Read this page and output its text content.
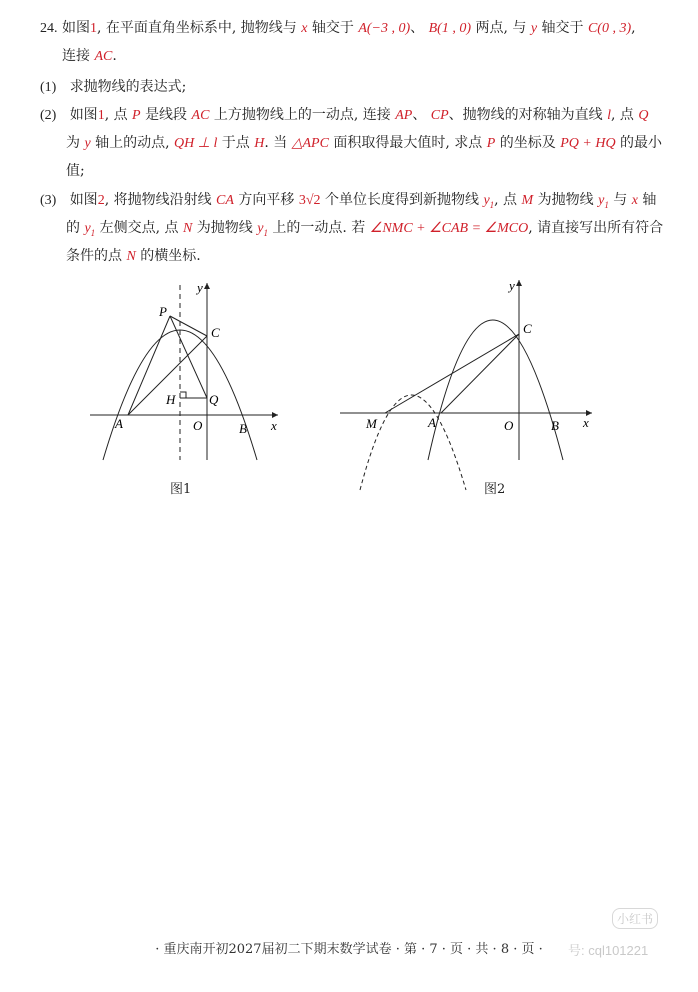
24. 如图1, 在平面直角坐标系中, 抛物线与 x 轴交于 A(−3 , 0)、 B(1 , 0) 两点, 与 y 轴交于 C(0 , 3),
连接 AC.
(1) 求抛物线的表达式;
(2) 如图1, 点 P 是线段 AC 上方抛物线上的一动点, 连接 AP、 CP、抛物线的对称轴为直线 l, 点 Q
为 y 轴上的动点, QH ⊥ l 于点 H. 当 △APC 面积取得最大值时, 求点 P 的坐标及 PQ + HQ 的最小
值;
(3) 如图2, 将抛物线沿射线 CA 方向平移 3√2 个单位长度得到新抛物线 $y_1$, 点 M 为抛物线 $y_1$ 与 x 轴
的 $y_1$ 左侧交点, 点 N 为抛物线 $y_1$ 上的一动点. 若 ∠NMC + ∠CAB = ∠MCO, 请直接写出所有符合
条件的点 N 的横坐标.
y
x
O
A	B
C
P
H	Q
y
x
O
A	B
C
M
图1	图2
小红书
号: cql101221
· 重庆南开初2027届初二下期末数学试卷 · 第 · 7 · 页 · 共 · 8 · 页 ·
